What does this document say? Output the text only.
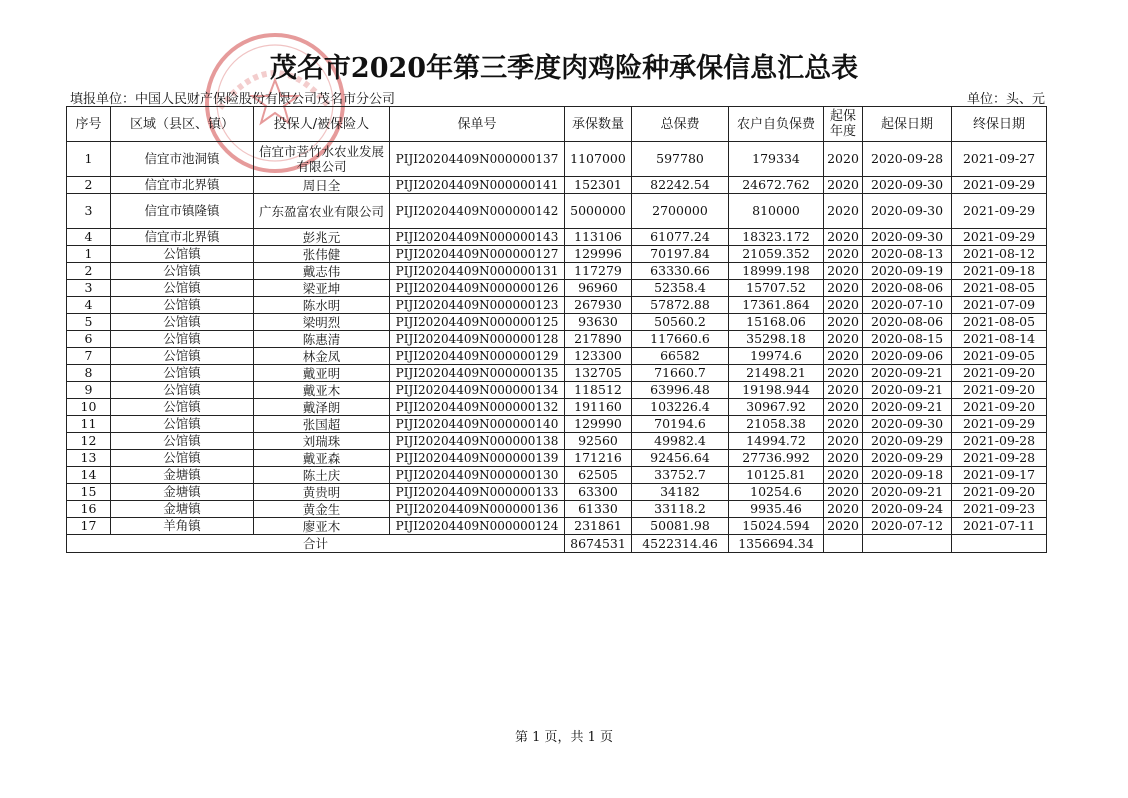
茂名市2020年第三季度肉鸡险种承保信息汇总表
填报单位：中国人民财产保险股份有限公司茂名市分公司	单位：头、元
序号	区域（县区、镇）	投保人/被保险人	保单号	承保数量	总保费	农户自负保费	起保年度	起保日期	终保日期
1	信宜市池洞镇	信宜市菩竹水农业发展有限公司	PIJI20204409N000000137	1107000	597780	179334	2020	2020-09-28	2021-09-27
2	信宜市北界镇	周日全	PIJI20204409N000000141	152301	82242.54	24672.762	2020	2020-09-30	2021-09-29
3	信宜市镇隆镇	广东盈富农业有限公司	PIJI20204409N000000142	5000000	2700000	810000	2020	2020-09-30	2021-09-29
4	信宜市北界镇	彭兆元	PIJI20204409N000000143	113106	61077.24	18323.172	2020	2020-09-30	2021-09-29
1	公馆镇	张伟健	PIJI20204409N000000127	129996	70197.84	21059.352	2020	2020-08-13	2021-08-12
2	公馆镇	戴志伟	PIJI20204409N000000131	117279	63330.66	18999.198	2020	2020-09-19	2021-09-18
3	公馆镇	梁亚坤	PIJI20204409N000000126	96960	52358.4	15707.52	2020	2020-08-06	2021-08-05
4	公馆镇	陈水明	PIJI20204409N000000123	267930	57872.88	17361.864	2020	2020-07-10	2021-07-09
5	公馆镇	梁明烈	PIJI20204409N000000125	93630	50560.2	15168.06	2020	2020-08-06	2021-08-05
6	公馆镇	陈惠清	PIJI20204409N000000128	217890	117660.6	35298.18	2020	2020-08-15	2021-08-14
7	公馆镇	林金凤	PIJI20204409N000000129	123300	66582	19974.6	2020	2020-09-06	2021-09-05
8	公馆镇	戴亚明	PIJI20204409N000000135	132705	71660.7	21498.21	2020	2020-09-21	2021-09-20
9	公馆镇	戴亚木	PIJI20204409N000000134	118512	63996.48	19198.944	2020	2020-09-21	2021-09-20
10	公馆镇	戴泽朗	PIJI20204409N000000132	191160	103226.4	30967.92	2020	2020-09-21	2021-09-20
11	公馆镇	张国超	PIJI20204409N000000140	129990	70194.6	21058.38	2020	2020-09-30	2021-09-29
12	公馆镇	刘瑞珠	PIJI20204409N000000138	92560	49982.4	14994.72	2020	2020-09-29	2021-09-28
13	公馆镇	戴亚森	PIJI20204409N000000139	171216	92456.64	27736.992	2020	2020-09-29	2021-09-28
14	金塘镇	陈土庆	PIJI20204409N000000130	62505	33752.7	10125.81	2020	2020-09-18	2021-09-17
15	金塘镇	黄贵明	PIJI20204409N000000133	63300	34182	10254.6	2020	2020-09-21	2021-09-20
16	金塘镇	黄金生	PIJI20204409N000000136	61330	33118.2	9935.46	2020	2020-09-24	2021-09-23
17	羊角镇	廖亚木	PIJI20204409N000000124	231861	50081.98	15024.594	2020	2020-07-12	2021-07-11
合计				8674531	4522314.46	1356694.34			
第 1 页，共 1 页
